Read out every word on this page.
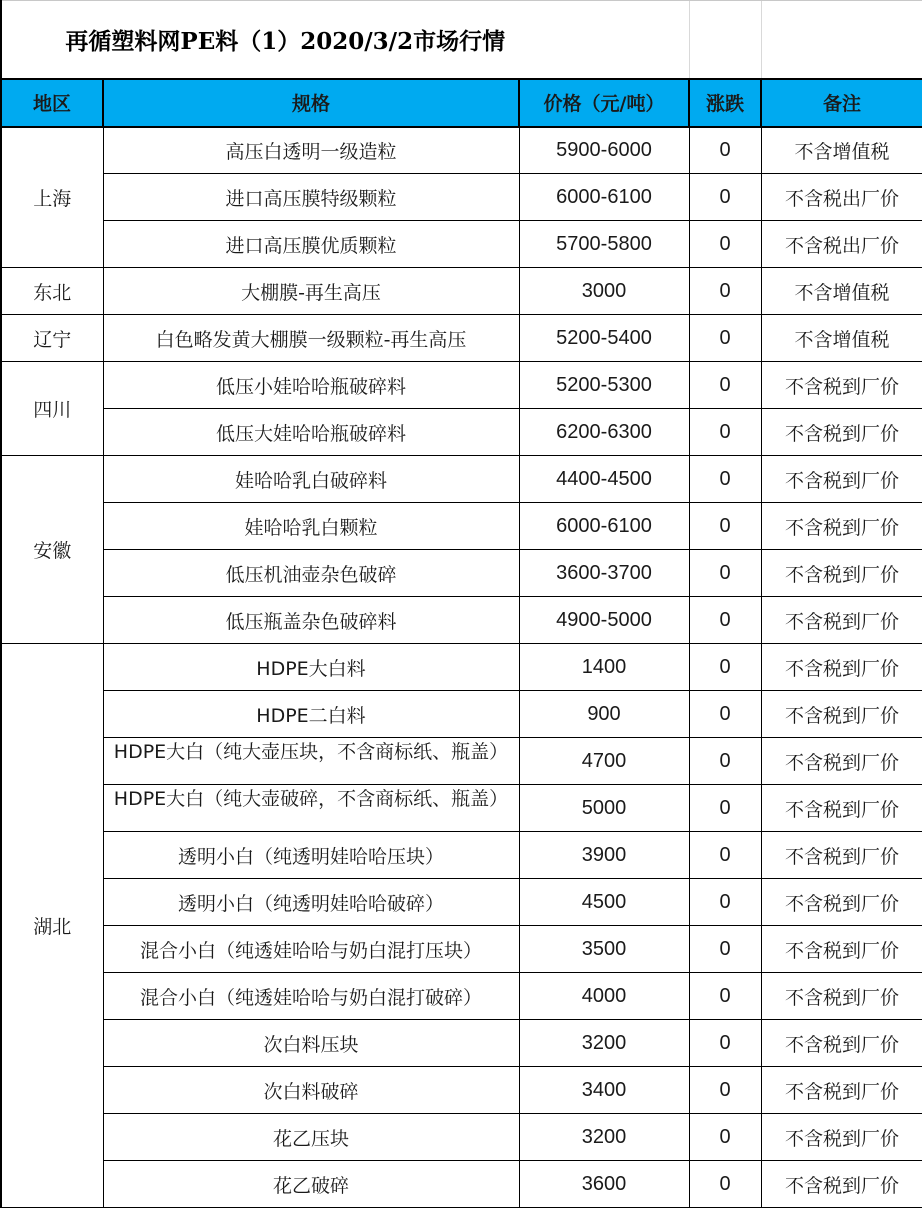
再循塑料网PE料（1）2020/3/2市场行情				
地区	规格	价格（元/吨）	涨跌	备注
上海	高压白透明一级造粒	5900-6000	0	不含增值税
	进口高压膜特级颗粒	6000-6100	0	不含税出厂价
	进口高压膜优质颗粒	5700-5800	0	不含税出厂价
东北	大棚膜-再生高压	3000	0	不含增值税
辽宁	白色略发黄大棚膜一级颗粒-再生高压	5200-5400	0	不含增值税
四川	低压小娃哈哈瓶破碎料	5200-5300	0	不含税到厂价
	低压大娃哈哈瓶破碎料	6200-6300	0	不含税到厂价
安徽	娃哈哈乳白破碎料	4400-4500	0	不含税到厂价
	娃哈哈乳白颗粒	6000-6100	0	不含税到厂价
	低压机油壶杂色破碎	3600-3700	0	不含税到厂价
	低压瓶盖杂色破碎料	4900-5000	0	不含税到厂价
湖北	HDPE大白料	1400	0	不含税到厂价
	HDPE二白料	900	0	不含税到厂价
	HDPE大白（纯大壶压块，不含商标纸、瓶盖）	4700	0	不含税到厂价
	HDPE大白（纯大壶破碎，不含商标纸、瓶盖）	5000	0	不含税到厂价
	透明小白（纯透明娃哈哈压块）	3900	0	不含税到厂价
	透明小白（纯透明娃哈哈破碎）	4500	0	不含税到厂价
	混合小白（纯透娃哈哈与奶白混打压块）	3500	0	不含税到厂价
	混合小白（纯透娃哈哈与奶白混打破碎）	4000	0	不含税到厂价
	次白料压块	3200	0	不含税到厂价
	次白料破碎	3400	0	不含税到厂价
	花乙压块	3200	0	不含税到厂价
	花乙破碎	3600	0	不含税到厂价
